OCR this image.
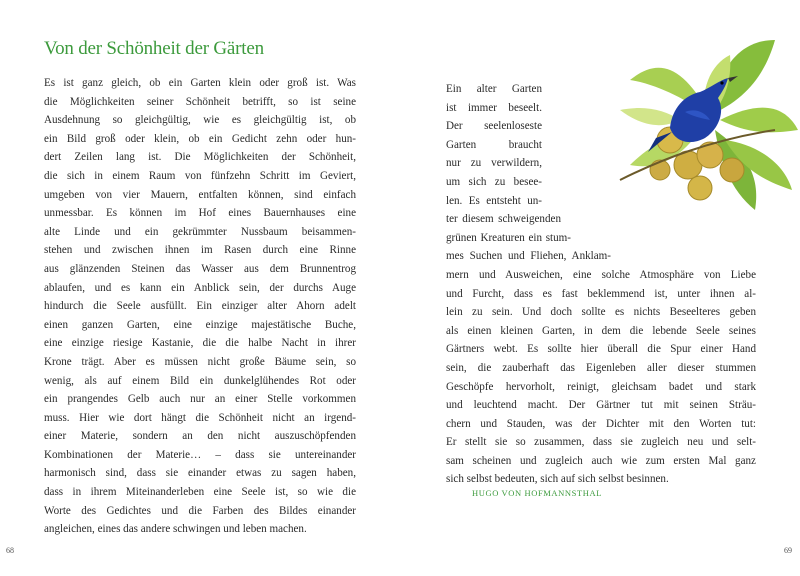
Von der Schönheit der Gärten
Es ist ganz gleich, ob ein Garten klein oder groß ist. Was
die Möglichkeiten seiner Schönheit betrifft, so ist seine
Ausdehnung so gleichgültig, wie es gleichgültig ist, ob
ein Bild groß oder klein, ob ein Gedicht zehn oder hun-
dert Zeilen lang ist. Die Möglichkeiten der Schönheit,
die sich in einem Raum von fünfzehn Schritt im Geviert,
umgeben von vier Mauern, entfalten können, sind einfach
unmessbar. Es können im Hof eines Bauernhauses eine
alte Linde und ein gekrümmter Nussbaum beisammen-
stehen und zwischen ihnen im Rasen durch eine Rinne
aus glänzenden Steinen das Wasser aus dem Brunnentrog
ablaufen, und es kann ein Anblick sein, der durchs Auge
hindurch die Seele ausfüllt. Ein einziger alter Ahorn adelt
einen ganzen Garten, eine einzige majestätische Buche,
eine einzige riesige Kastanie, die die halbe Nacht in ihrer
Krone trägt. Aber es müssen nicht große Bäume sein, so
wenig, als auf einem Bild ein dunkelglühendes Rot oder
ein prangendes Gelb auch nur an einer Stelle vorkommen
muss. Hier wie dort hängt die Schönheit nicht an irgend-
einer Materie, sondern an den nicht auszuschöpfenden
Kombinationen der Materie… – dass sie untereinander
harmonisch sind, dass sie einander etwas zu sagen haben,
dass in ihrem Miteinanderleben eine Seele ist, so wie die
Worte des Gedichtes und die Farben des Bildes einander
angleichen, eines das andere schwingen und leben machen.
68
Ein alter Garten
ist immer beseelt.
Der seelenloseste
Garten braucht
nur zu verwildern,
um sich zu besee-
len. Es entsteht un-
ter diesem schweigenden
grünen Kreaturen ein stum-
mes Suchen und Fliehen, Anklam-
mern und Ausweichen, eine solche Atmosphäre von Liebe
und Furcht, dass es fast beklemmend ist, unter ihnen al-
lein zu sein. Und doch sollte es nichts Beseelteres geben
als einen kleinen Garten, in dem die lebende Seele seines
Gärtners webt. Es sollte hier überall die Spur einer Hand
sein, die zauberhaft das Eigenleben aller dieser stummen
Geschöpfe hervorholt, reinigt, gleichsam badet und stark
und leuchtend macht. Der Gärtner tut mit seinen Sträu-
chern und Stauden, was der Dichter mit den Worten tut:
Er stellt sie so zusammen, dass sie zugleich neu und selt-
sam scheinen und zugleich auch wie zum ersten Mal ganz
sich selbst bedeuten, sich auf sich selbst besinnen.
HUGO VON HOFMANNSTHAL
69
